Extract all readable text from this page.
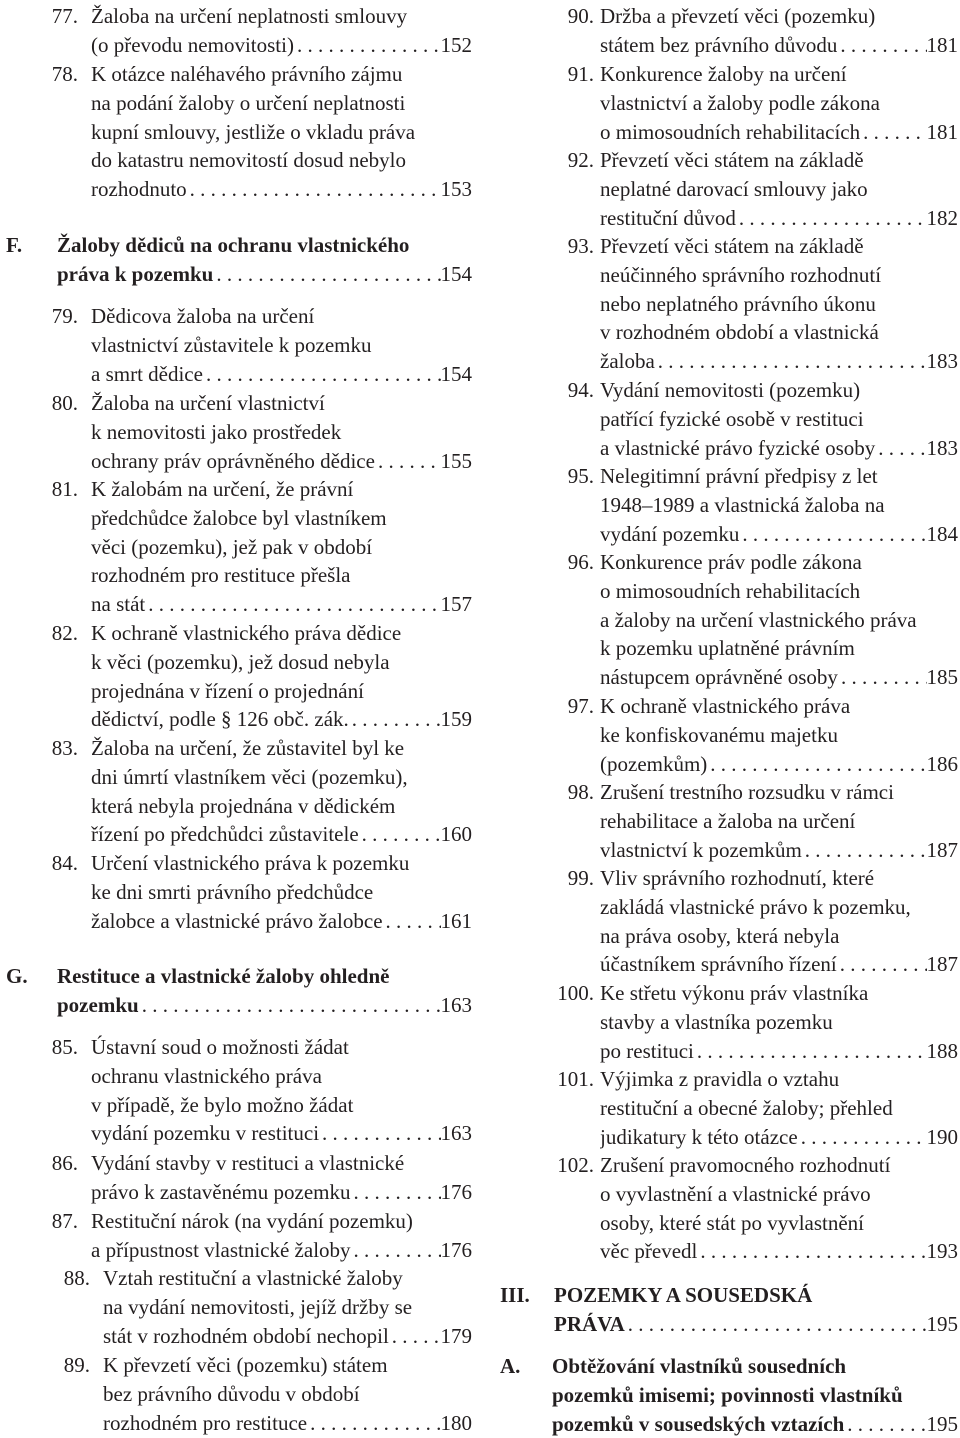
77. Žaloba na určení neplatnosti smlouvy
(o převodu nemovitosti) . . .	152
78. K otázce naléhavého právního zájmu
na podání žaloby o určení neplatnosti
kupní smlouvy, jestliže o vkladu práva
do katastru nemovitostí dosud nebylo
rozhodnuto . . .	153
F.	Žaloby dědiců na ochranu vlastnického
práva k pozemku . . .	154
79. Dědicova žaloba na určení
vlastnictví zůstavitele k pozemku
a smrt dědice . . .	154
80. Žaloba na určení vlastnictví
k nemovitosti jako prostředek
ochrany práv oprávněného dědice . . .	155
81. K žalobám na určení, že právní
předchůdce žalobce byl vlastníkem
věci (pozemku), jež pak v období
rozhodném pro restituce přešla
na stát . . .	157
82. K ochraně vlastnického práva dědice
k věci (pozemku), jež dosud nebyla
projednána v řízení o projednání
dědictví, podle § 126 obč. zák. . . .	159
83. Žaloba na určení, že zůstavitel byl ke
dni úmrtí vlastníkem věci (pozemku),
která nebyla projednána v dědickém
řízení po předchůdci zůstavitele . . .	160
84. Určení vlastnického práva k pozemku
ke dni smrti právního předchůdce
žalobce a vlastnické právo žalobce . . .	161
G.	Restituce a vlastnické žaloby ohledně
pozemku . . .	163
85. Ústavní soud o možnosti žádat
ochranu vlastnického práva
v případě, že bylo možno žádat
vydání pozemku v restituci . . .	163
86. Vydání stavby v restituci a vlastnické
právo k zastavěnému pozemku . . .	176
87. Restituční nárok (na vydání pozemku)
a přípustnost vlastnické žaloby . . .	176
88. Vztah restituční a vlastnické žaloby
na vydání nemovitosti, jejíž držby se
stát v rozhodném období nechopil . . . 179
89. K převzetí věci (pozemku) státem
bez právního důvodu v období
rozhodném pro restituce . . .	180
90. Držba a převzetí věci (pozemku)
státem bez právního důvodu . . .	181
91. Konkurence žaloby na určení
vlastnictví a žaloby podle zákona
o mimosoudních rehabilitacích . . .	181
92. Převzetí věci státem na základě
neplatné darovací smlouvy jako
restituční důvod . . .	182
93. Převzetí věci státem na základě
neúčinného správního rozhodnutí
nebo neplatného právního úkonu
v rozhodném období a vlastnická
žaloba . . .	183
94. Vydání nemovitosti (pozemku)
patřící fyzické osobě v restituci
a vlastnické právo fyzické osoby . . . 183
95. Nelegitimní právní předpisy z let
1948–1989 a vlastnická žaloba na
vydání pozemku . . .	184
96. Konkurence práv podle zákona
o mimosoudních rehabilitacích
a žaloby na určení vlastnického práva
k pozemku uplatněné právním
nástupcem oprávněné osoby . . .	185
97. K ochraně vlastnického práva
ke konfiskovanému majetku
(pozemkům) . . .	186
98. Zrušení trestního rozsudku v rámci
rehabilitace a žaloba na určení
vlastnictví k pozemkům . . .	187
99. Vliv správního rozhodnutí, které
zakládá vlastnické právo k pozemku,
na práva osoby, která nebyla
účastníkem správního řízení . . .	187
100. Ke střetu výkonu práv vlastníka
stavby a vlastníka pozemku
po restituci . . .	188
101. Výjimka z pravidla o vztahu
restituční a obecné žaloby; přehled
judikatury k této otázce . . .	190
102. Zrušení pravomocného rozhodnutí
o vyvlastnění a vlastnické právo
osoby, které stát po vyvlastnění
věc převedl . . .	193
III.	POZEMKY A SOUSEDSKÁ
PRÁVA . . .	195
A.	Obtěžování vlastníků sousedních
pozemků imisemi; povinnosti vlastníků
pozemků v sousedských vztazích . . .	195
